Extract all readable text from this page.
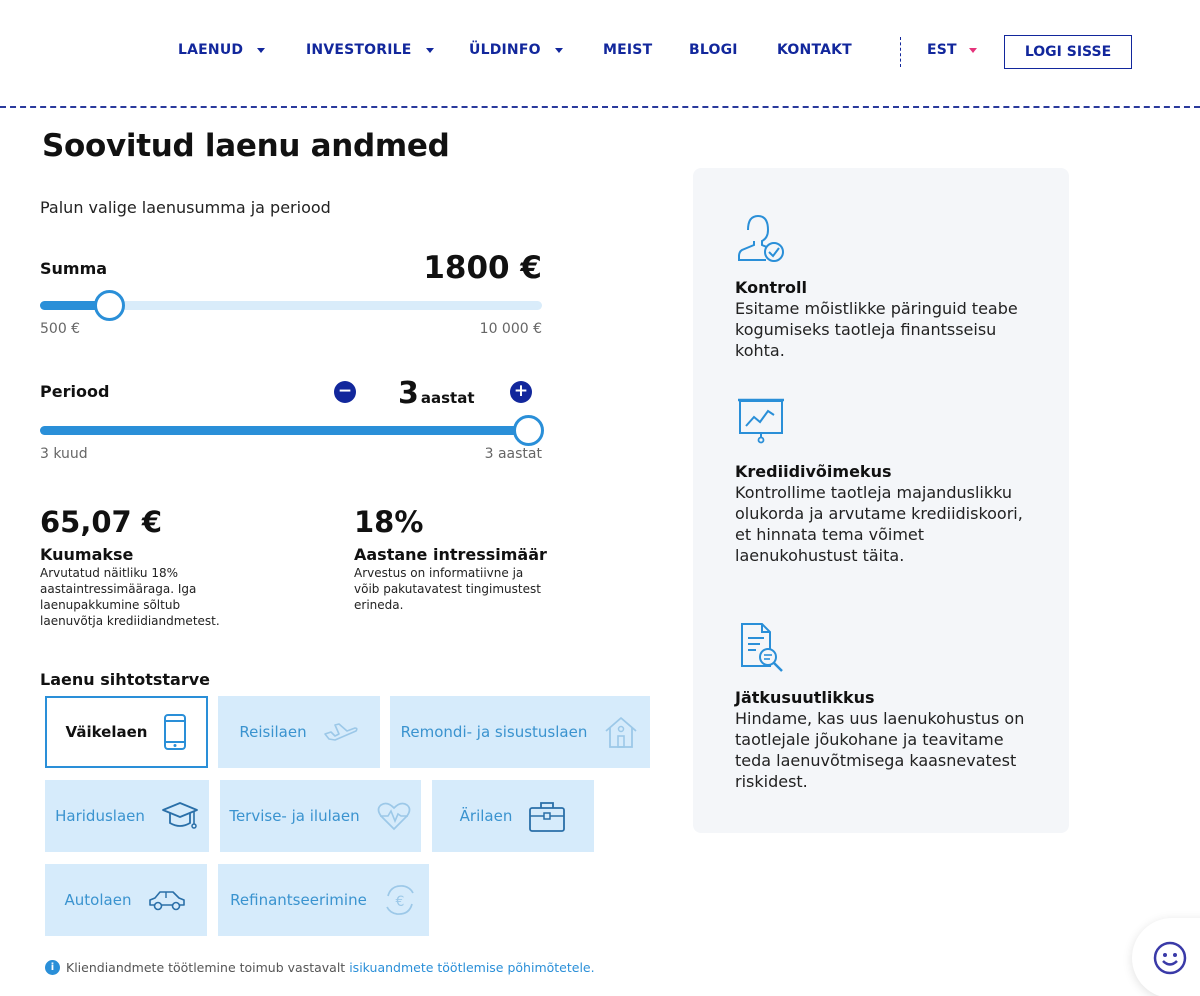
LAENUD	INVESTORILE	ÜLDINFO	MEIST	BLOGI	KONTAKT	EST	LOGI SISSE
Soovitud laenu andmed
Palun valige laenusumma ja periood
Summa	1800 €
500 €	10 000 €
Periood	− 3 aastat +
3 kuud	3 aastat
65,07 €
Kuumakse
Arvutatud näitliku 18% aastaintressimääraga. Iga laenupakkumine sõltub laenuvõtja krediidiandmetest.
18%
Aastane intressimäär
Arvestus on informatiivne ja võib pakutavatest tingimustest erineda.
Laenu sihtotstarve
Väikelaen	Reisilaen	Remondi- ja sisustuslaen
Hariduslaen	Tervise- ja ilulaen	Ärilaen
Autolaen	Refinantseerimine €
i Kliendiandmete töötlemine toimub vastavalt isikuandmete töötlemise põhimõtetele.
Kontroll
Esitame mõistlikke päringuid teabe kogumiseks taotleja finantsseisu kohta.
Krediidivõimekus
Kontrollime taotleja majanduslikku olukorda ja arvutame krediidiskoori, et hinnata tema võimet laenukohustust täita.
Jätkusuutlikkus
Hindame, kas uus laenukohustus on taotlejale jõukohane ja teavitame teda laenuvõtmisega kaasnevatest riskidest.
